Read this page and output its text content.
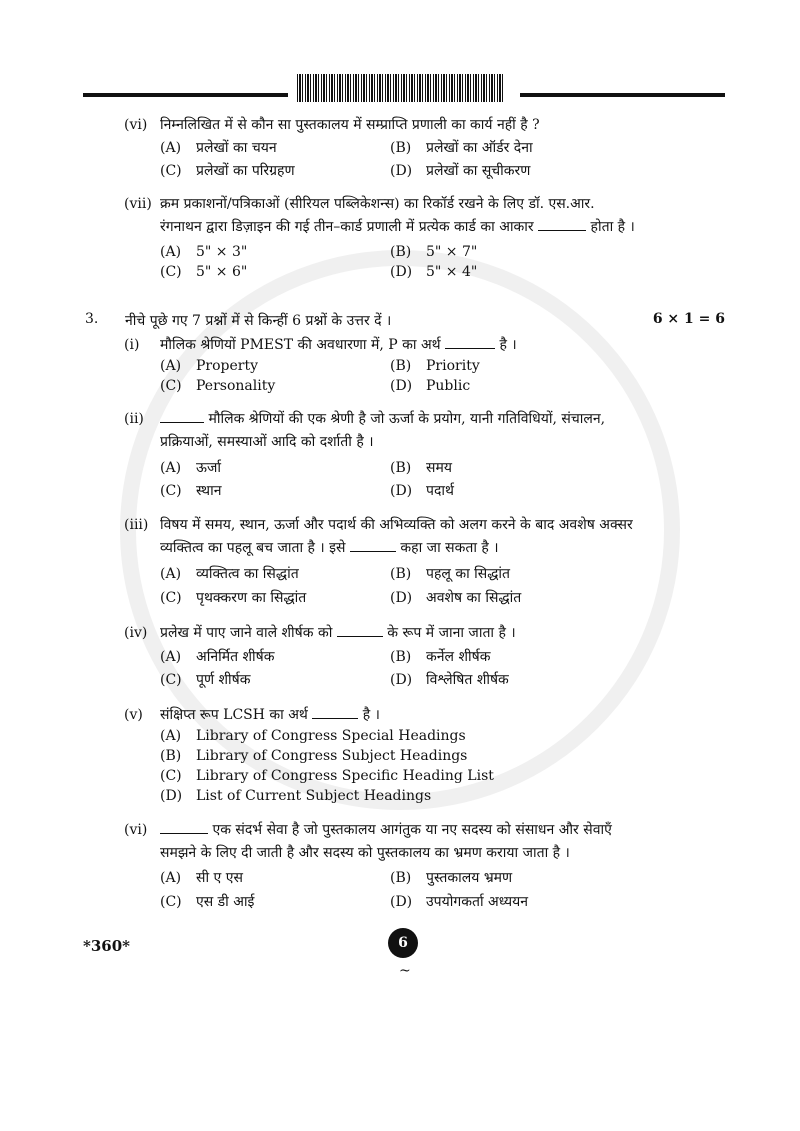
(vi) निम्नलिखित में से कौन सा पुस्तकालय में सम्प्राप्ति प्रणाली का कार्य नहीं है ?
(A) प्रलेखों का चयन	(B) प्रलेखों का ऑर्डर देना
(C) प्रलेखों का परिग्रहण	(D) प्रलेखों का सूचीकरण
(vii) क्रम प्रकाशनों/पत्रिकाओं (सीरियल पब्लिकेशन्स) का रिकॉर्ड रखने के लिए डॉ. एस.आर.
रंगनाथन द्वारा डिज़ाइन की गई तीन–कार्ड प्रणाली में प्रत्येक कार्ड का आकार	होता है ।
(A) 5" × 3"	(B) 5" × 7"
(C) 5" × 6"	(D) 5" × 4"
3. नीचे पूछे गए 7 प्रश्नों में से किन्हीं 6 प्रश्नों के उत्तर दें ।	6 × 1 = 6
(i)	मौलिक श्रेणियों PMEST की अवधारणा में, P का अर्थ	है ।
(A) Property	(B) Priority
(C) Personality	(D) Public
(ii)	मौलिक श्रेणियों की एक श्रेणी है जो ऊर्जा के प्रयोग, यानी गतिविधियों, संचालन,
प्रक्रियाओं, समस्याओं आदि को दर्शाती है ।
(A) ऊर्जा	(B) समय
(C) स्थान	(D) पदार्थ
(iii) विषय में समय, स्थान, ऊर्जा और पदार्थ की अभिव्यक्ति को अलग करने के बाद अवशेष अक्सर
व्यक्तित्व का पहलू बच जाता है । इसे	कहा जा सकता है ।
(A) व्यक्तित्व का सिद्धांत	(B) पहलू का सिद्धांत
(C) पृथक्करण का सिद्धांत	(D) अवशेष का सिद्धांत
(iv) प्रलेख में पाए जाने वाले शीर्षक को	के रूप में जाना जाता है ।
(A) अनिर्मित शीर्षक	(B) कर्नेल शीर्षक
(C) पूर्ण शीर्षक	(D) विश्लेषित शीर्षक
(v)	संक्षिप्त रूप LCSH का अर्थ	है ।
(A) Library of Congress Special Headings
(B) Library of Congress Subject Headings
(C) Library of Congress Specific Heading List
(D) List of Current Subject Headings
(vi)	एक संदर्भ सेवा है जो पुस्तकालय आगंतुक या नए सदस्य को संसाधन और सेवाएँ
समझने के लिए दी जाती है और सदस्य को पुस्तकालय का भ्रमण कराया जाता है ।
(A) सी ए एस	(B) पुस्तकालय भ्रमण
(C) एस डी आई	(D) उपयोगकर्ता अध्ययन
*360*	6
~
